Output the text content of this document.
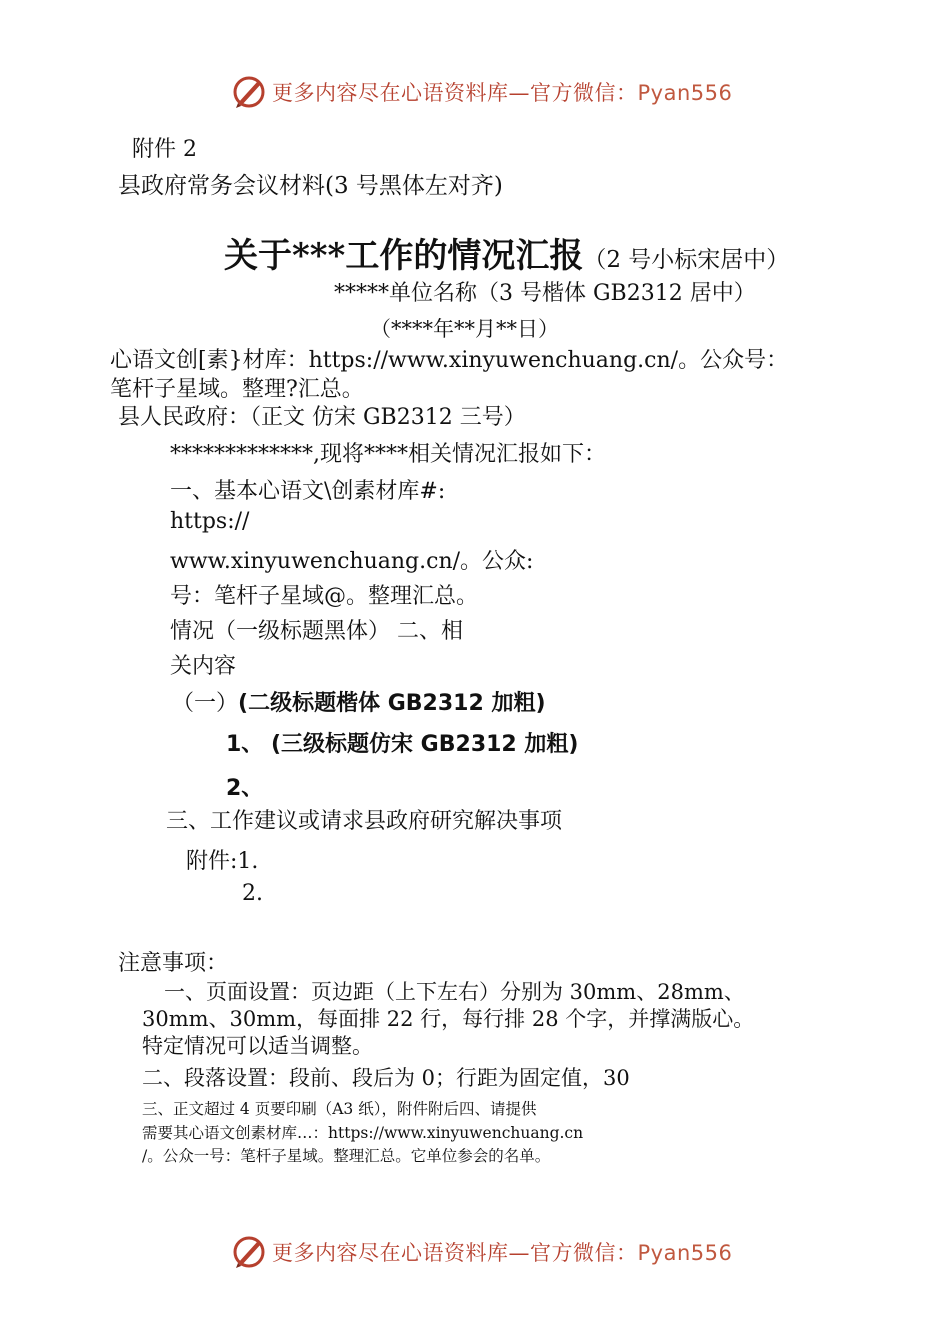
更多内容尽在心语资料库—官方微信：Pyan556
附件 2
县政府常务会议材料(3 号黑体左对齐)
关于***工作的情况汇报（2 号小标宋居中）
*****单位名称（3 号楷体 GB2312 居中）
（****年**月**日）
心语文创[素}材库：https://www.xinyuwenchuang.cn/。公众号：
笔杆子星域。整理?汇总。
县人民政府：（正文 仿宋 GB2312 三号）
*************,现将****相关情况汇报如下：
一、基本心语文\创素材库#:
https://
www.xinyuwenchuang.cn/。公众:
号：笔杆子星域@。整理汇总。
情况（一级标题黑体） 二、相
关内容
（一）(二级标题楷体 GB2312 加粗)
1、 (三级标题仿宋 GB2312 加粗)
2、
三、工作建议或请求县政府研究解决事项
附件:1.
2.
注意事项：
一、页面设置：页边距（上下左右）分别为 30mm、28mm、
30mm、30mm，每面排 22 行，每行排 28 个字，并撑满版心。
特定情况可以适当调整。
二、段落设置：段前、段后为 0；行距为固定值，30
三、正文超过 4 页要印刷（A3 纸），附件附后四、请提供
需要其心语文创素材库…：https://www.xinyuwenchuang.cn
/。公众一号：笔杆子星域。整理汇总。它单位参会的名单。
更多内容尽在心语资料库—官方微信：Pyan556
